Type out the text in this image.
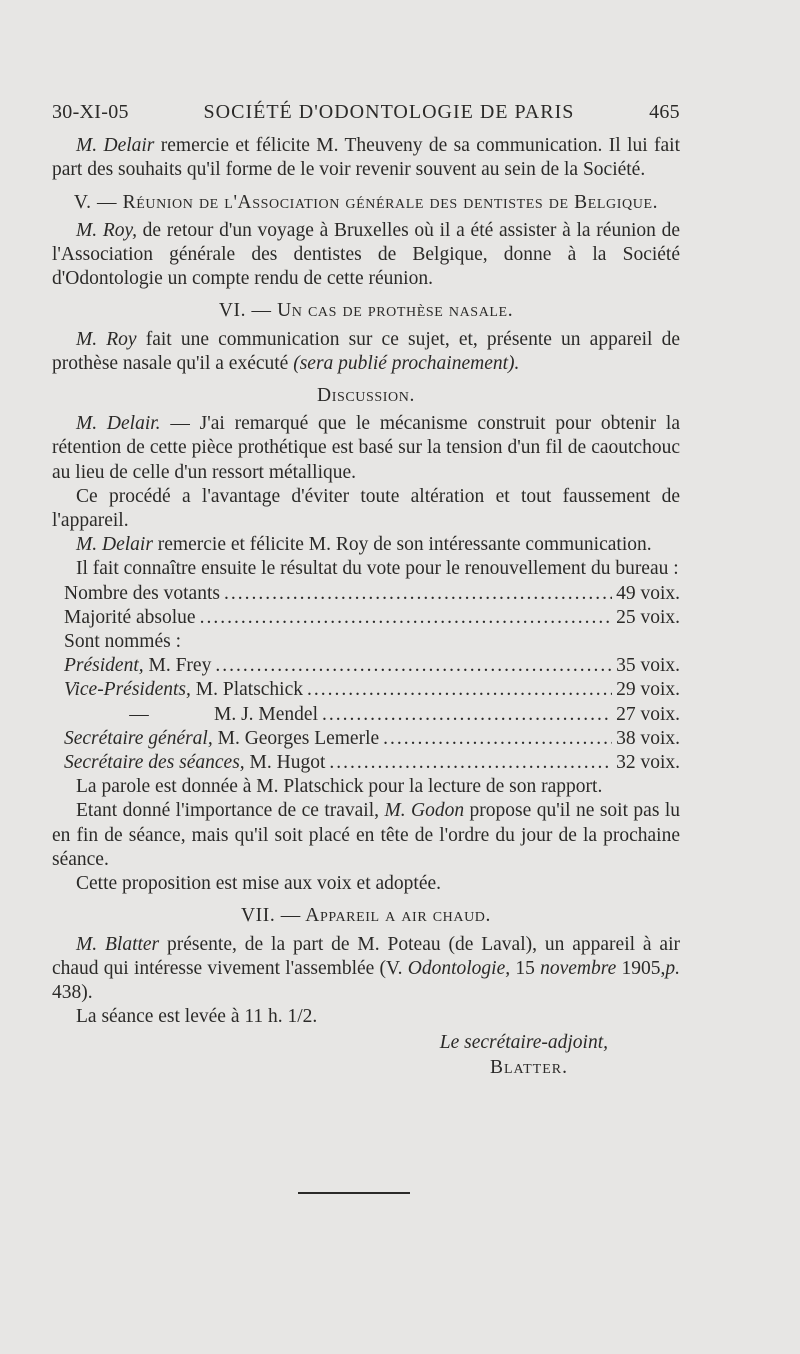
30-XI-05	SOCIÉTÉ D'ODONTOLOGIE DE PARIS	465

M. Delair remercie et félicite M. Theuveny de sa communication. Il lui fait part des souhaits qu'il forme de le voir revenir souvent au sein de la Société.

V. — Réunion de l'Association générale des dentistes de Belgique.

M. Roy, de retour d'un voyage à Bruxelles où il a été assister à la réunion de l'Association générale des dentistes de Belgique, donne à la Société d'Odontologie un compte rendu de cette réunion.

VI. — Un cas de prothèse nasale.

M. Roy fait une communication sur ce sujet, et, présente un appareil de prothèse nasale qu'il a exécuté (sera publié prochainement).

Discussion.

M. Delair. — J'ai remarqué que le mécanisme construit pour obtenir la rétention de cette pièce prothétique est basé sur la tension d'un fil de caoutchouc au lieu de celle d'un ressort métallique.

Ce procédé a l'avantage d'éviter toute altération et tout faussement de l'appareil.

M. Delair remercie et félicite M. Roy de son intéressante communication.

Il fait connaître ensuite le résultat du vote pour le renouvellement du bureau :

Nombre des votants .....	49 voix.
Majorité absolue .....	25 voix.

Sont nommés :

Président, M. Frey .....	35 voix.
Vice-Présidents, M. Platschick .....	29 voix.
—	M. J. Mendel .....	27 voix.
Secrétaire général, M. Georges Lemerle .....	38 voix.
Secrétaire des séances, M. Hugot .....	32 voix.

La parole est donnée à M. Platschick pour la lecture de son rapport.

Etant donné l'importance de ce travail, M. Godon propose qu'il ne soit pas lu en fin de séance, mais qu'il soit placé en tête de l'ordre du jour de la prochaine séance.

Cette proposition est mise aux voix et adoptée.

VII. — Appareil a air chaud.

M. Blatter présente, de la part de M. Poteau (de Laval), un appareil à air chaud qui intéresse vivement l'assemblée (V. Odontologie, 15 novembre 1905,p. 438).

La séance est levée à 11 h. 1/2.

Le secrétaire-adjoint,
Blatter.
